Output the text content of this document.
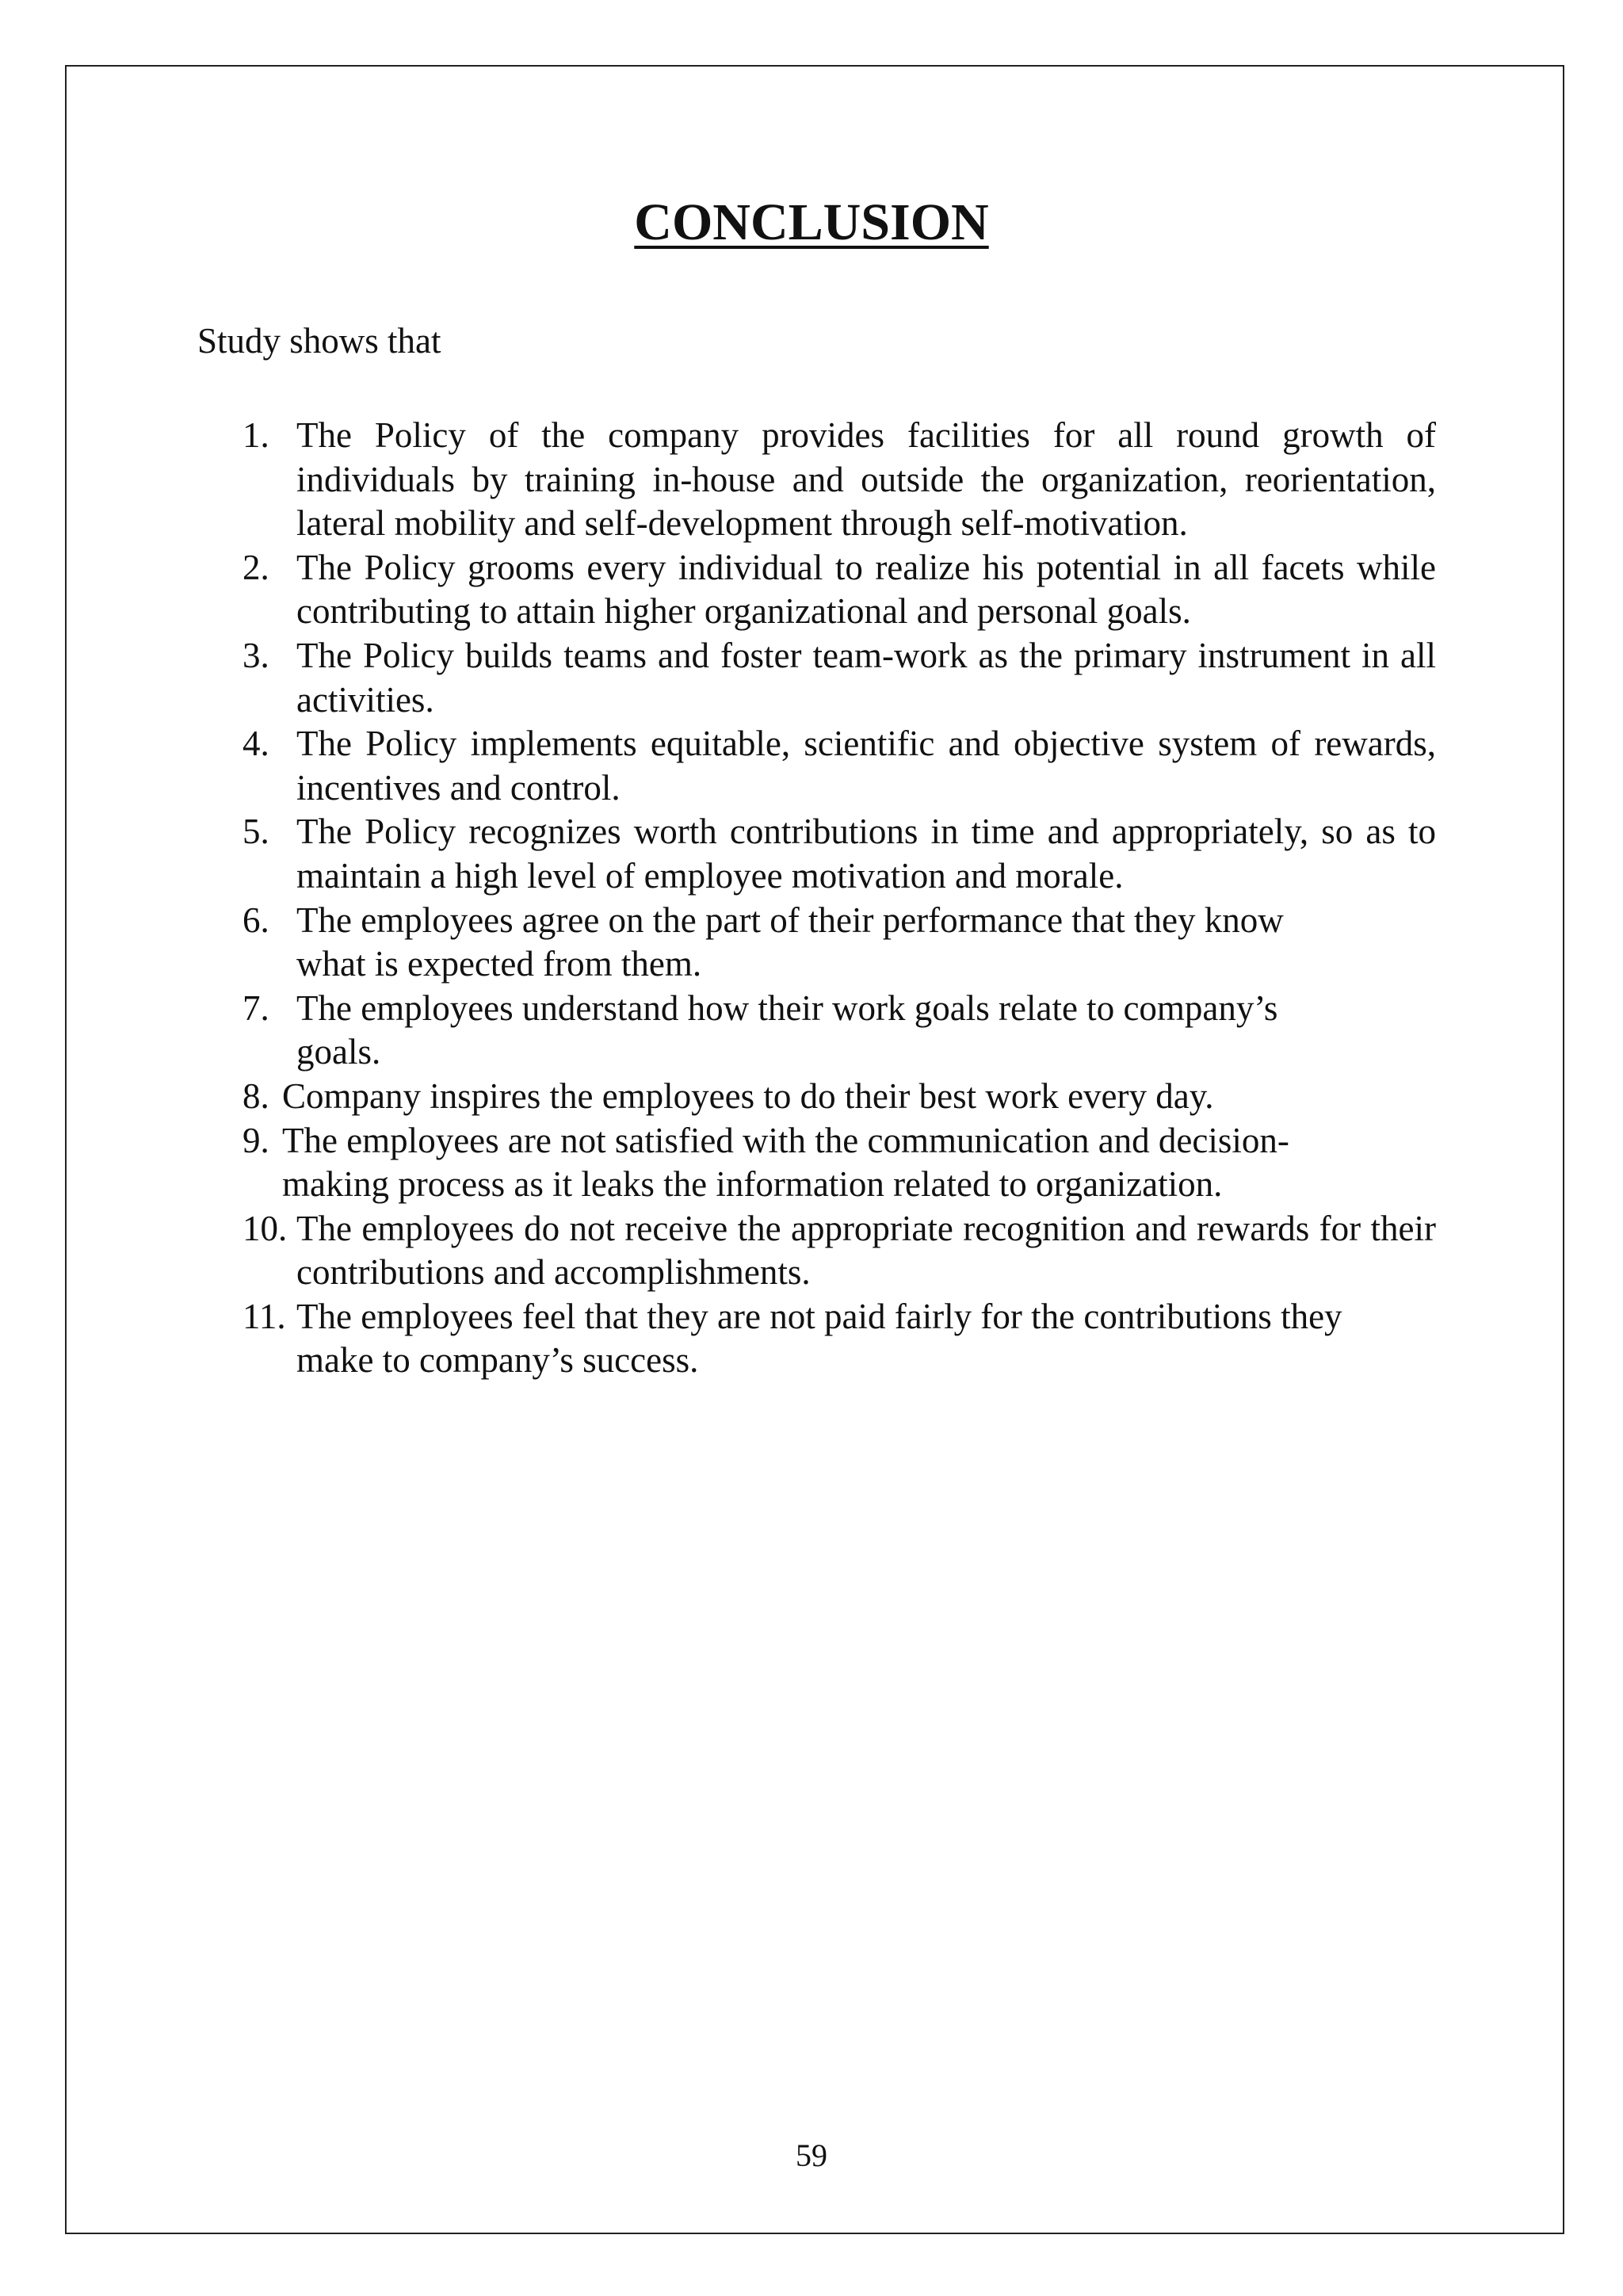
CONCLUSION

Study shows that

1. The Policy of the company provides facilities for all round growth of individuals by training in-house and outside the organization, reorientation, lateral mobility and self-development through self-motivation.
2. The Policy grooms every individual to realize his potential in all facets while contributing to attain higher organizational and personal goals.
3. The Policy builds teams and foster team-work as the primary instrument in all activities.
4. The Policy implements equitable, scientific and objective system of rewards, incentives and control.
5. The Policy recognizes worth contributions in time and appropriately, so as to maintain a high level of employee motivation and morale.
6. The employees agree on the part of their performance that they know
what is expected from them.
7. The employees understand how their work goals relate to company’s
goals.
8. Company inspires the employees to do their best work every day.
9. The employees are not satisfied with the communication and decision-
making process as it leaks the information related to organization.
10. The employees do not receive the appropriate recognition and rewards for their contributions and accomplishments.
11. The employees feel that they are not paid fairly for the contributions they
make to company’s success.
59
